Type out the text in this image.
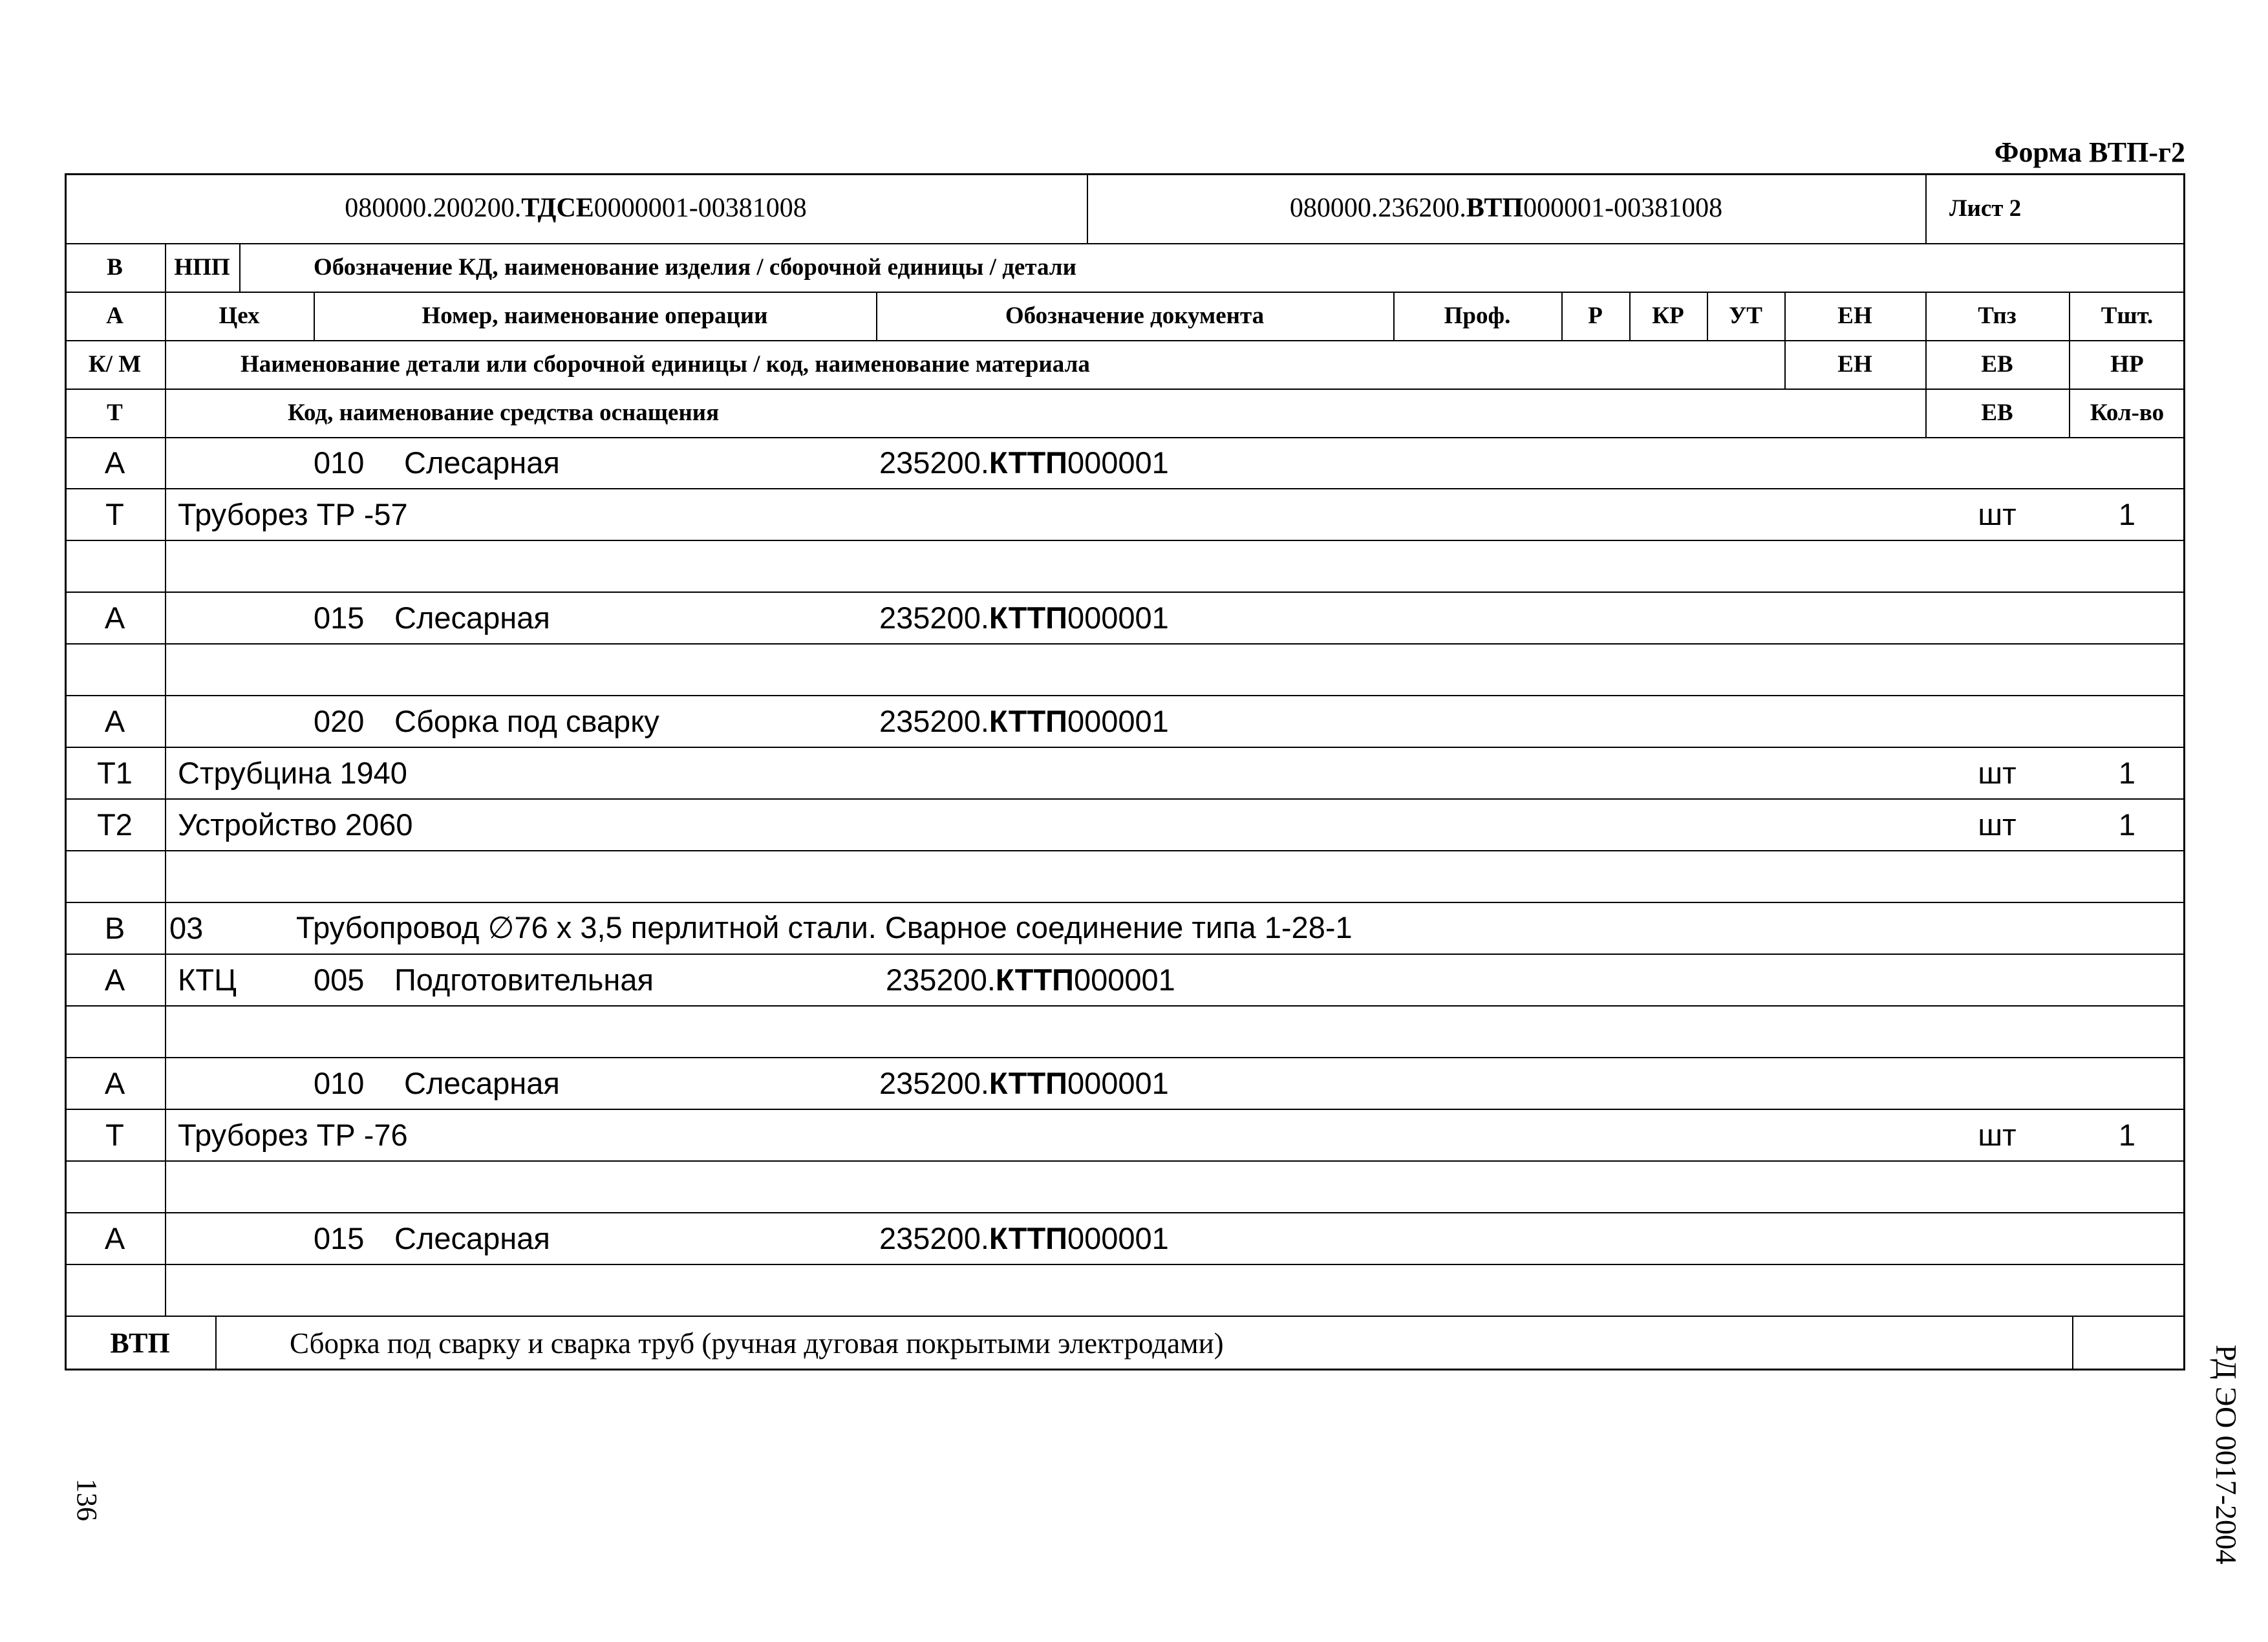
Форма ВТП-г2
080000.200200. ТДСЕ 0000001-00381008	080000.236200. ВТП 000001-00381008	Лист 2
В	НПП	Обозначение КД, наименование изделия / сборочной единицы / детали
А	Цех	Номер, наименование операции	Обозначение документа	Проф.	Р	КР	УТ	ЕН	Тпз	Тшт.
К/ М	Наименование детали или сборочной единицы / код, наименование материала	ЕН	ЕВ	НР
Т	Код, наименование средства оснащения	ЕВ	Кол-во
А	010	Слесарная	235200. КТТП 000001
Т	Труборез ТР -57	шт	1
А	015 Слесарная	235200. КТТП 000001
А	020 Сборка под сварку	235200. КТТП 000001
Т1	Струбцина 1940	шт	1
Т2	Устройство 2060	шт	1
В	03	Трубопровод ∅76 х 3,5 перлитной стали. Сварное соединение типа 1-28-1
А	КТЦ	005 Подготовительная	235200. КТТП 000001
А	010	Слесарная	235200. КТТП 000001
Т	Труборез ТР -76	шт	1
А	015 Слесарная	235200. КТТП 000001
ВТП	Сборка под сварку и сварка труб (ручная дуговая покрытыми электродами)
136	РД ЭО 0017-2004
